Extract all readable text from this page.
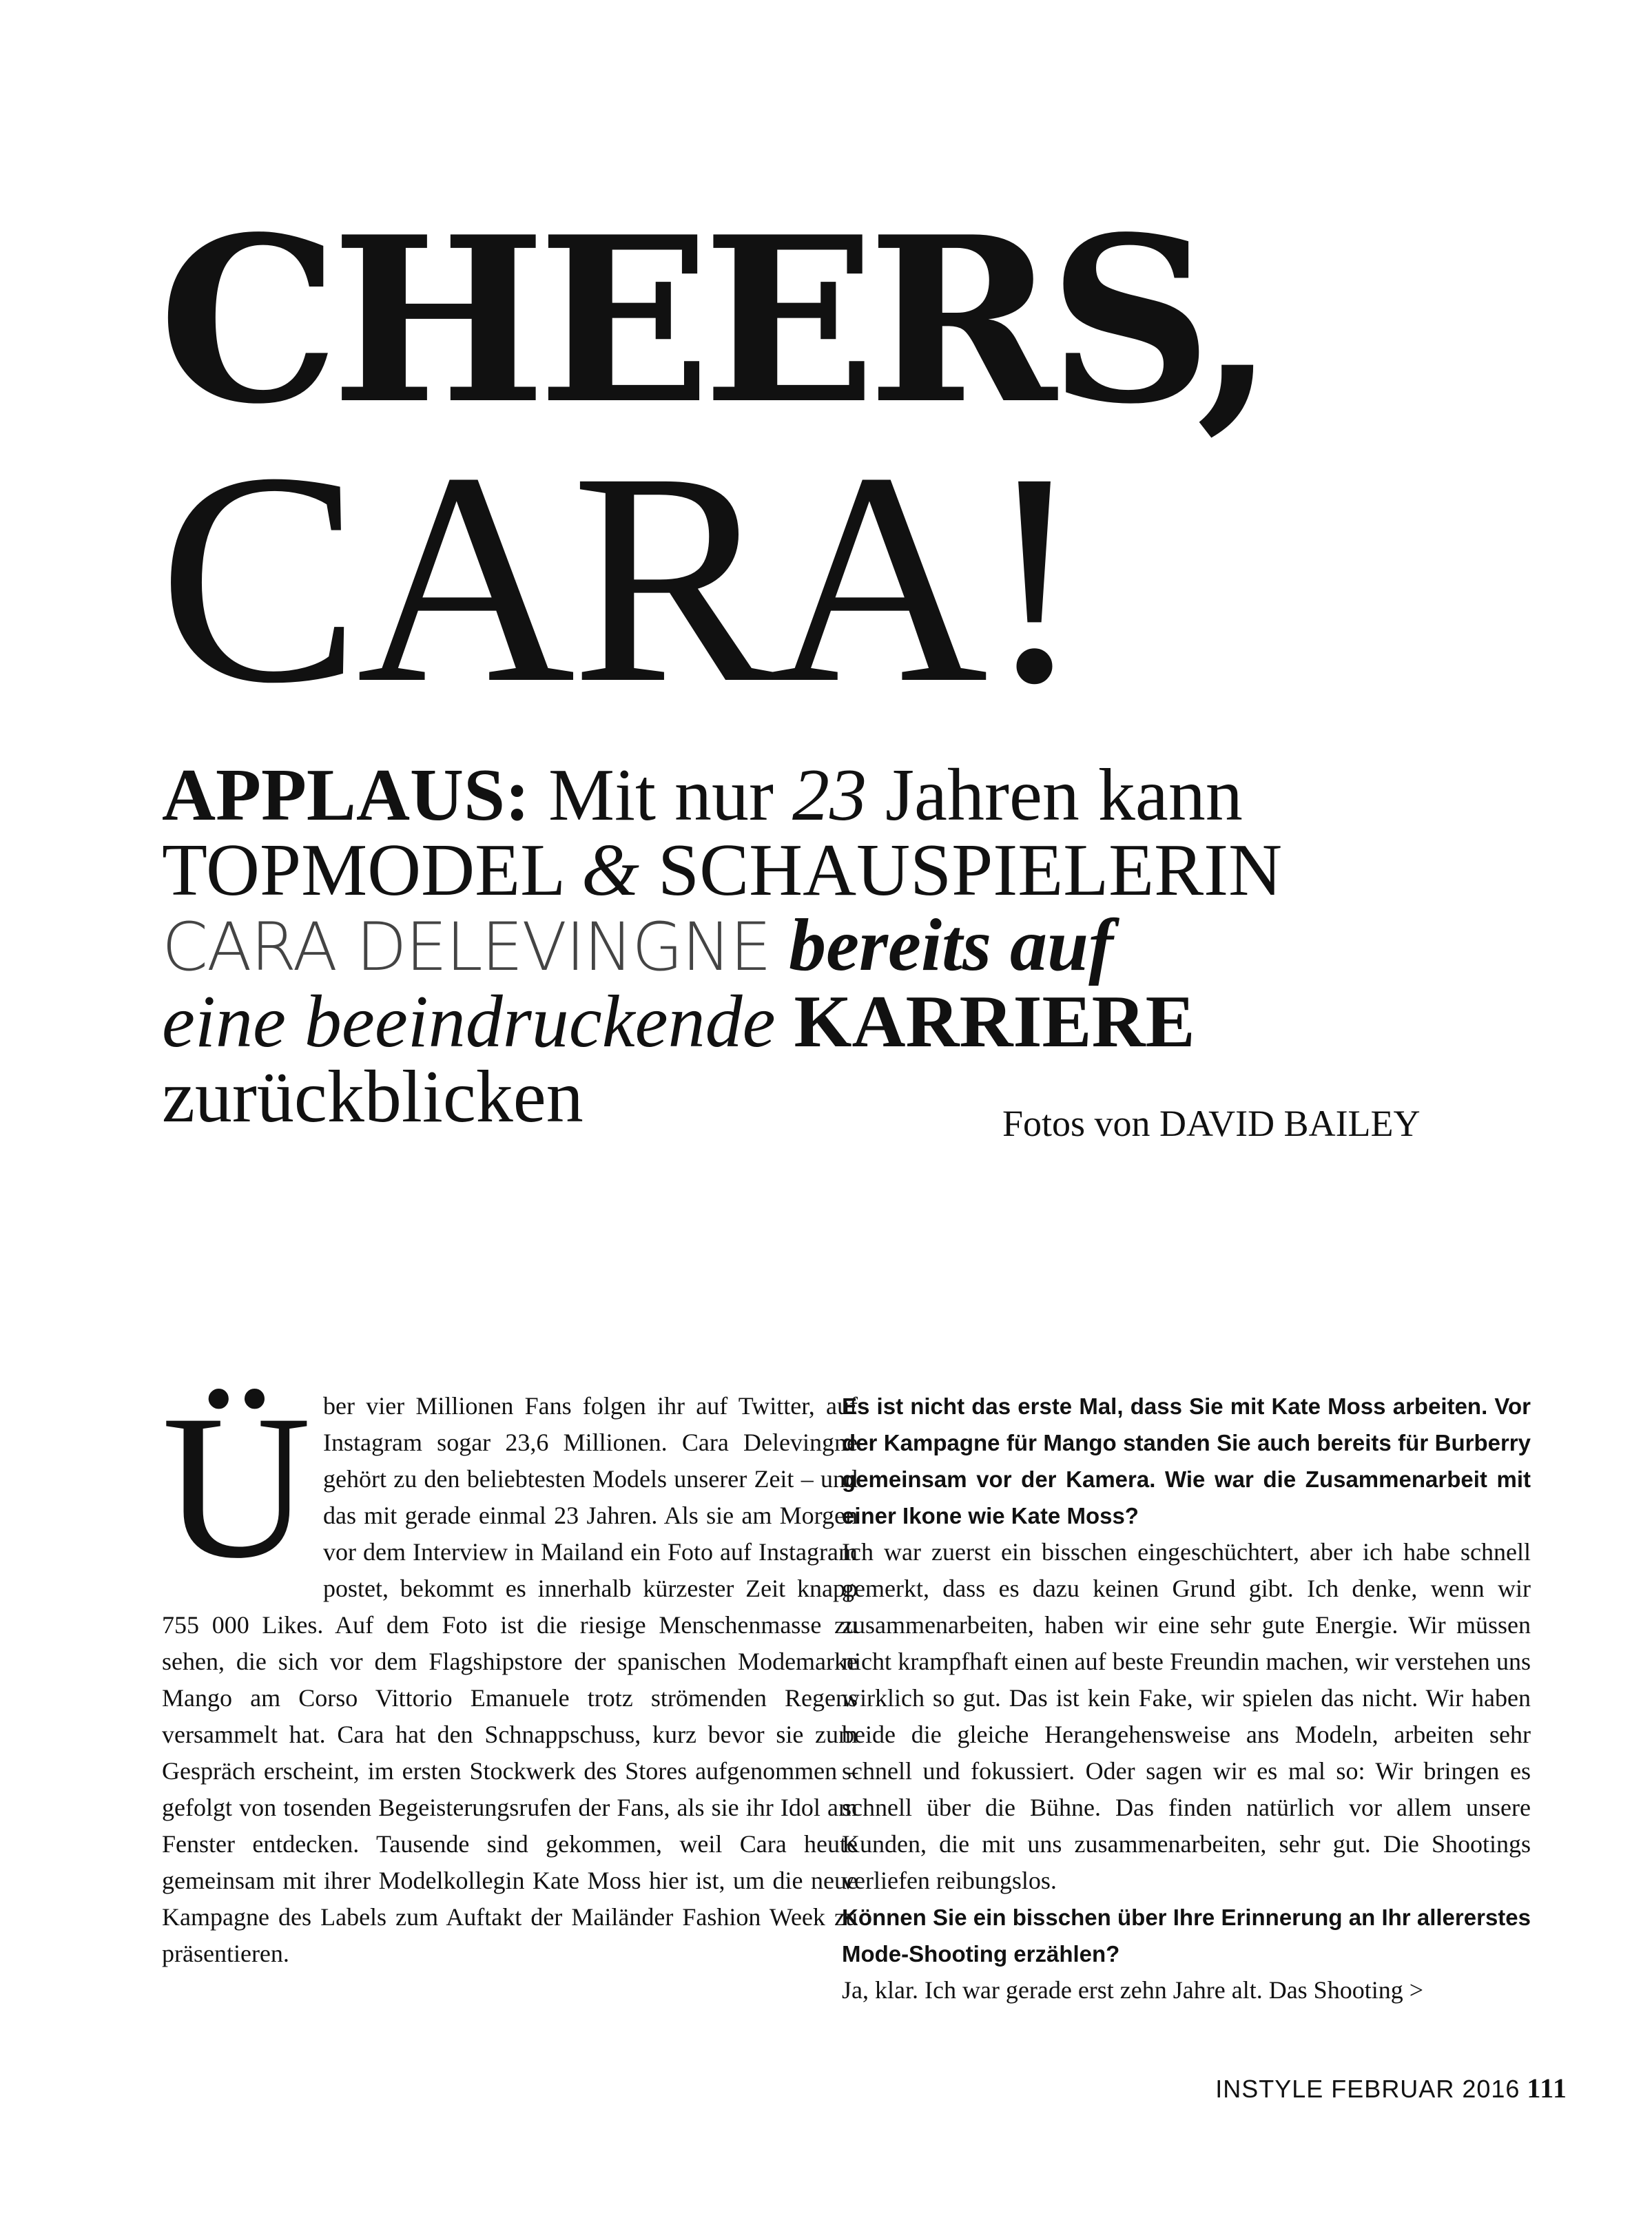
CHEERS,
CARA!
APPLAUS: Mit nur 23 Jahren kann
TOPMODEL & SCHAUSPIELERIN
CARA DELEVINGNE bereits auf
eine beeindruckende KARRIERE
zurückblicken	Fotos von DAVID BAILEY
Ü ber vier Millionen Fans folgen ihr auf Twitter, auf Instagram sogar 23,6 Millionen. Cara Delevingne gehört zu den beliebtesten Models unserer Zeit – und das mit gerade einmal 23 Jahren. Als sie am Morgen vor dem Interview in Mailand ein Foto auf Instagram postet, bekommt es innerhalb kürzester Zeit knapp 755 000 Likes. Auf dem Foto ist die riesige Menschenmasse zu sehen, die sich vor dem Flagshipstore der spanischen Modemarke Mango am Corso Vittorio Emanuele trotz strömenden Regens versammelt hat. Cara hat den Schnappschuss, kurz bevor sie zum Gespräch erscheint, im ersten Stockwerk des Stores aufgenommen – gefolgt von tosenden Begeisterungsrufen der Fans, als sie ihr Idol am Fenster entdecken. Tausende sind gekommen, weil Cara heute gemeinsam mit ihrer Modelkollegin Kate Moss hier ist, um die neue Kampagne des Labels zum Auftakt der Mailänder Fashion Week zu präsentieren.

Es ist nicht das erste Mal, dass Sie mit Kate Moss arbeiten. Vor der Kampagne für Mango standen Sie auch bereits für Burberry gemeinsam vor der Kamera. Wie war die Zusammenarbeit mit einer Ikone wie Kate Moss?

Ich war zuerst ein bisschen eingeschüchtert, aber ich habe schnell gemerkt, dass es dazu keinen Grund gibt. Ich denke, wenn wir zusammenarbeiten, haben wir eine sehr gute Energie. Wir müssen nicht krampfhaft einen auf beste Freundin machen, wir verstehen uns wirklich so gut. Das ist kein Fake, wir spielen das nicht. Wir haben beide die gleiche Herangehensweise ans Modeln, arbeiten sehr schnell und fokussiert. Oder sagen wir es mal so: Wir bringen es schnell über die Bühne. Das finden natürlich vor allem unsere Kunden, die mit uns zusammenarbeiten, sehr gut. Die Shootings verliefen reibungslos.

Können Sie ein bisschen über Ihre Erinnerung an Ihr allererstes Mode-Shooting erzählen?

Ja, klar. Ich war gerade erst zehn Jahre alt. Das Shooting >

INSTYLE FEBRUAR 2016 111
